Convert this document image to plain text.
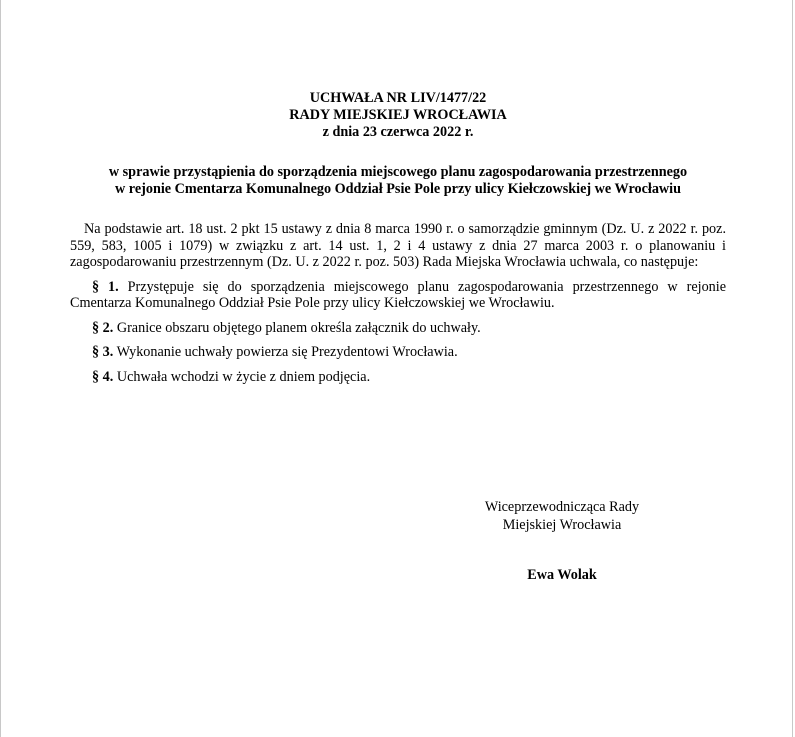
UCHWAŁA NR LIV/1477/22
RADY MIEJSKIEJ WROCŁAWIA
z dnia 23 czerwca 2022 r.
w sprawie przystąpienia do sporządzenia miejscowego planu zagospodarowania przestrzennego
w rejonie Cmentarza Komunalnego Oddział Psie Pole przy ulicy Kiełczowskiej we Wrocławiu
Na podstawie art. 18 ust. 2 pkt 15 ustawy z dnia 8 marca 1990 r. o samorządzie gminnym (Dz. U. z 2022 r. poz. 559, 583, 1005 i 1079) w związku z art. 14 ust. 1, 2 i 4 ustawy z dnia 27 marca 2003 r. o planowaniu i zagospodarowaniu przestrzennym (Dz. U. z 2022 r. poz. 503) Rada Miejska Wrocławia uchwala, co następuje:
§ 1. Przystępuje się do sporządzenia miejscowego planu zagospodarowania przestrzennego w rejonie Cmentarza Komunalnego Oddział Psie Pole przy ulicy Kiełczowskiej we Wrocławiu.
§ 2. Granice obszaru objętego planem określa załącznik do uchwały.
§ 3. Wykonanie uchwały powierza się Prezydentowi Wrocławia.
§ 4. Uchwała wchodzi w życie z dniem podjęcia.
Wiceprzewodnicząca Rady
Miejskiej Wrocławia
Ewa Wolak
